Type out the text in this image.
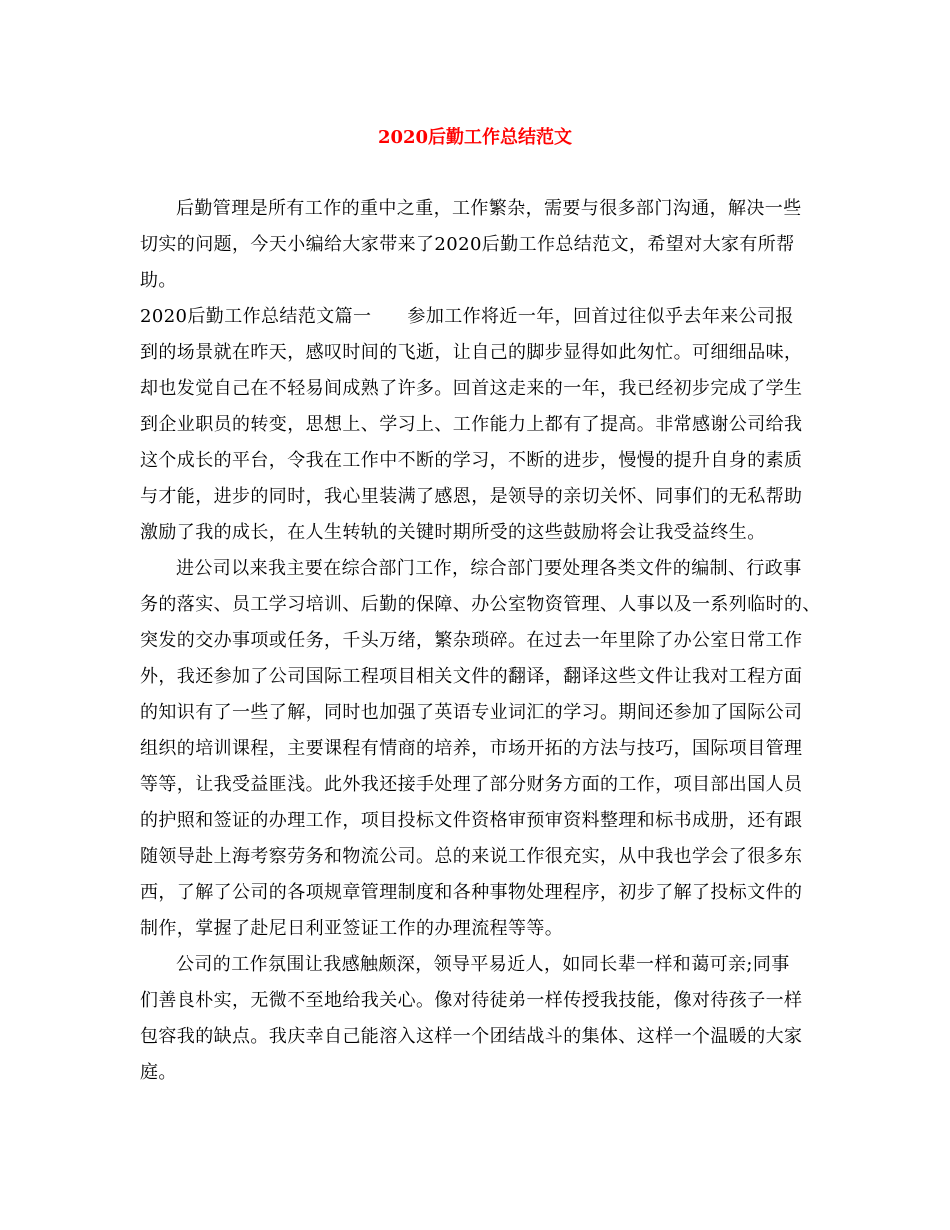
2020后勤工作总结范文
后勤管理是所有工作的重中之重，工作繁杂，需要与很多部门沟通，解决一些
切实的问题，今天小编给大家带来了2020后勤工作总结范文，希望对大家有所帮
助。
2020后勤工作总结范文篇一 参加工作将近一年，回首过往似乎去年来公司报
到的场景就在昨天，感叹时间的飞逝，让自己的脚步显得如此匆忙。可细细品味，
却也发觉自己在不轻易间成熟了许多。回首这走来的一年，我已经初步完成了学生
到企业职员的转变，思想上、学习上、工作能力上都有了提高。非常感谢公司给我
这个成长的平台，令我在工作中不断的学习，不断的进步，慢慢的提升自身的素质
与才能，进步的同时，我心里装满了感恩，是领导的亲切关怀、同事们的无私帮助
激励了我的成长，在人生转轨的关键时期所受的这些鼓励将会让我受益终生。
进公司以来我主要在综合部门工作，综合部门要处理各类文件的编制、行政事
务的落实、员工学习培训、后勤的保障、办公室物资管理、人事以及一系列临时的、
突发的交办事项或任务，千头万绪，繁杂琐碎。在过去一年里除了办公室日常工作
外，我还参加了公司国际工程项目相关文件的翻译，翻译这些文件让我对工程方面
的知识有了一些了解，同时也加强了英语专业词汇的学习。期间还参加了国际公司
组织的培训课程，主要课程有情商的培养，市场开拓的方法与技巧，国际项目管理
等等，让我受益匪浅。此外我还接手处理了部分财务方面的工作，项目部出国人员
的护照和签证的办理工作，项目投标文件资格审预审资料整理和标书成册，还有跟
随领导赴上海考察劳务和物流公司。总的来说工作很充实，从中我也学会了很多东
西，了解了公司的各项规章管理制度和各种事物处理程序，初步了解了投标文件的
制作，掌握了赴尼日利亚签证工作的办理流程等等。
公司的工作氛围让我感触颇深，领导平易近人，如同长辈一样和蔼可亲;同事
们善良朴实，无微不至地给我关心。像对待徒弟一样传授我技能，像对待孩子一样
包容我的缺点。我庆幸自己能溶入这样一个团结战斗的集体、这样一个温暖的大家
庭。
